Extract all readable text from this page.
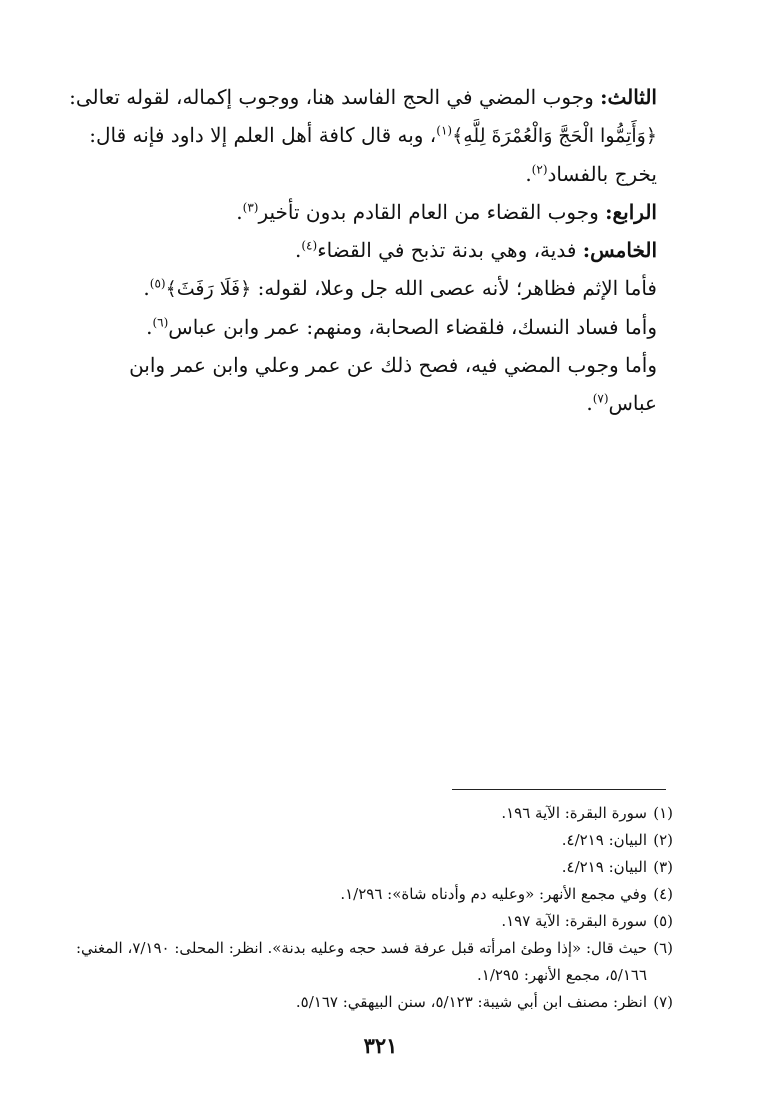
الثالث: وجوب المضي في الحج الفاسد هنا، ووجوب إكماله، لقوله تعالى: ﴿وَأَتِمُّوا الْحَجَّ وَالْعُمْرَةَ لِلَّهِ﴾$^{(١)}$، وبه قال كافة أهل العلم إلا داود فإنه قال: يخرج بالفساد$^{(٢)}$.

الرابع: وجوب القضاء من العام القادم بدون تأخير$^{(٣)}$.

الخامس: فدية، وهي بدنة تذبح في القضاء$^{(٤)}$.

فأما الإثم فظاهر؛ لأنه عصى الله جل وعلا، لقوله: ﴿فَلَا رَفَثَ﴾$^{(٥)}$.

وأما فساد النسك، فلقضاء الصحابة، ومنهم: عمر وابن عباس$^{(٦)}$.

وأما وجوب المضي فيه، فصح ذلك عن عمر وعلي وابن عمر وابن عباس$^{(٧)}$.

(١)
سورة البقرة: الآية ١٩٦.

(٢)
البيان: ٤/٢١٩.

(٣)
البيان: ٤/٢١٩.

(٤)
وفي مجمع الأنهر: «وعليه دم وأدناه شاة»: ١/٢٩٦.

(٥)
سورة البقرة: الآية ١٩٧.

(٦)
حيث قال: «إذا وطئ امرأته قبل عرفة فسد حجه وعليه بدنة». انظر: المحلى: ٧/١٩٠، المغني: ٥/١٦٦، مجمع الأنهر: ١/٢٩٥.

(٧)
انظر: مصنف ابن أبي شيبة: ٥/١٢٣، سنن البيهقي: ٥/١٦٧.

٣٢١
